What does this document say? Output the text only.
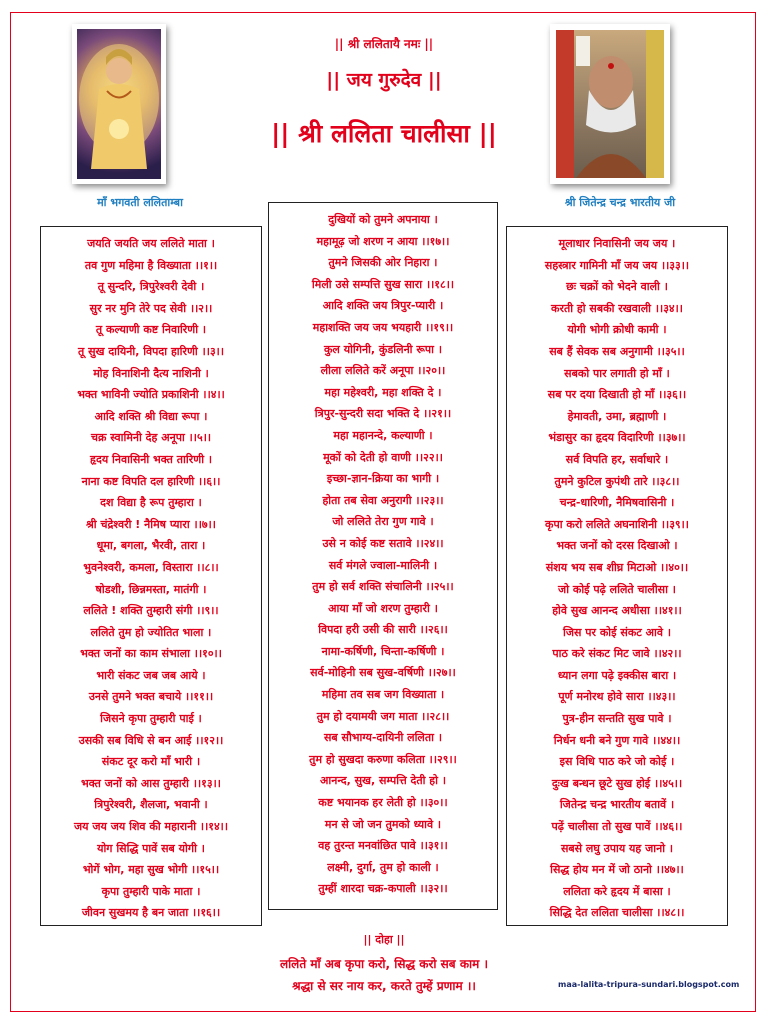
|| श्री ललितायै नमः ||
|| जय गुरुदेव ||
|| श्री ललिता चालीसा ||
माँ भगवती ललिताम्बा	श्री जितेन्द्र चन्द्र भारतीय जी
जयति जयति जय ललिते माता ।
तव गुण महिमा है विख्याता ।।१।।
तू सुन्दरि, त्रिपुरेश्वरी देवी ।
सुर नर मुनि तेरे पद सेवी ।।२।।
तू कल्याणी कष्ट निवारिणी ।
तू सुख दायिनी, विपदा हारिणी ।।३।।
मोह विनाशिनी दैत्य नाशिनी ।
भक्त भाविनी ज्योति प्रकाशिनी ।।४।।
आदि शक्ति श्री विद्या रूपा ।
चक्र स्वामिनी देह अनूपा ।।५।।
हृदय निवासिनी भक्त तारिणी ।
नाना कष्ट विपति दल हारिणी ।।६।।
दश विद्या है रूप तुम्हारा ।
श्री चंद्रेश्वरी ! नैमिष प्यारा ।।७।।
धूमा, बगला, भैरवी, तारा ।
भुवनेश्वरी, कमला, विस्तारा ।।८।।
षोडशी, छिन्नमस्ता, मातंगी ।
ललिते ! शक्ति तुम्हारी संगी ।।९।।
ललिते तुम हो ज्योतित भाला ।
भक्त जनों का काम संभाला ।।१०।।
भारी संकट जब जब आये ।
उनसे तुमने भक्त बचाये ।।११।।
जिसने कृपा तुम्हारी पाई ।
उसकी सब विधि से बन आई ।।१२।।
संकट दूर करो माँ भारी ।
भक्त जनों को आस तुम्हारी ।।१३।।
त्रिपुरेश्वरी, शैलजा, भवानी ।
जय जय जय शिव की महारानी ।।१४।।
योग सिद्धि पावें सब योगी ।
भोगें भोग, महा सुख भोगी ।।१५।।
कृपा तुम्हारी पाके माता ।
जीवन सुखमय है बन जाता ।।१६।।
दुखियों को तुमने अपनाया ।
महामूढ़ जो शरण न आया ।।१७।।
तुमने जिसकी ओर निहारा ।
मिली उसे सम्पत्ति सुख सारा ।।१८।।
आदि शक्ति जय त्रिपुर-प्यारी ।
महाशक्ति जय जय भयहारी ।।१९।।
कुल योगिनी, कुंडलिनी रूपा ।
लीला ललिते करें अनूपा ।।२०।।
महा महेश्वरी, महा शक्ति दे ।
त्रिपुर-सुन्दरी सदा भक्ति दे ।।२१।।
महा महानन्दे, कल्याणी ।
मूकों को देती हो वाणी ।।२२।।
इच्छा-ज्ञान-क्रिया का भागी ।
होता तब सेवा अनुरागी ।।२३।।
जो ललिते तेरा गुण गावे ।
उसे न कोई कष्ट सतावे ।।२४।।
सर्व मंगले ज्वाला-मालिनी ।
तुम हो सर्व शक्ति संचालिनी ।।२५।।
आया माँ जो शरण तुम्हारी ।
विपदा हरी उसी की सारी ।।२६।।
नामा-कर्षिणी, चिन्ता-कर्षिणी ।
सर्व-मोहिनी सब सुख-वर्षिणी ।।२७।।
महिमा तव सब जग विख्याता ।
तुम हो दयामयी जग माता ।।२८।।
सब सौभाग्य-दायिनी ललिता ।
तुम हो सुखदा करुणा कलिता ।।२९।।
आनन्द, सुख, सम्पत्ति देती हो ।
कष्ट भयानक हर लेती हो ।।३०।।
मन से जो जन तुमको ध्यावे ।
वह तुरन्त मनवांछित पावे ।।३१।।
लक्ष्मी, दुर्गा, तुम हो काली ।
तुम्हीं शारदा चक्र-कपाली ।।३२।।
मूलाधार निवासिनी जय जय ।
सहस्त्रार गामिनी माँ जय जय ।।३३।।
छः चक्रों को भेदने वाली ।
करती हो सबकी रखवाली ।।३४।।
योगी भोगी क्रोधी कामी ।
सब हैं सेवक सब अनुगामी ।।३५।।
सबको पार लगाती हो माँ ।
सब पर दया दिखाती हो माँ ।।३६।।
हेमावती, उमा, ब्रह्माणी ।
भंडासुर का हृदय विदारिणी ।।३७।।
सर्व विपति हर, सर्वाधारे ।
तुमने कुटिल कुपंथी तारे ।।३८।।
चन्द्र-धारिणी, नैमिषवासिनी ।
कृपा करो ललिते अघनाशिनी ।।३९।।
भक्त जनों को दरस दिखाओ ।
संशय भय सब शीघ्र मिटाओ ।।४०।।
जो कोई पढ़े ललिते चालीसा ।
होवे सुख आनन्द अधीसा ।।४१।।
जिस पर कोई संकट आवे ।
पाठ करे संकट मिट जावे ।।४२।।
ध्यान लगा पढ़े इक्कीस बारा ।
पूर्ण मनोरथ होवे सारा ।।४३।।
पुत्र-हीन सन्तति सुख पावे ।
निर्धन धनी बने गुण गावे ।।४४।।
इस विधि पाठ करे जो कोई ।
दुःख बन्धन छूटे सुख होई ।।४५।।
जितेन्द्र चन्द्र भारतीय बतावें ।
पढ़ें चालीसा तो सुख पावें ।।४६।।
सबसे लघु उपाय यह जानो ।
सिद्ध होय मन में जो ठानो ।।४७।।
ललिता करे हृदय में बासा ।
सिद्धि देत ललिता चालीसा ।।४८।।
|| दोहा ||
ललिते माँ अब कृपा करो, सिद्ध करो सब काम ।
श्रद्धा से सर नाय कर, करते तुम्हें प्रणाम ।।	maa-lalita-tripura-sundari.blogspot.com
